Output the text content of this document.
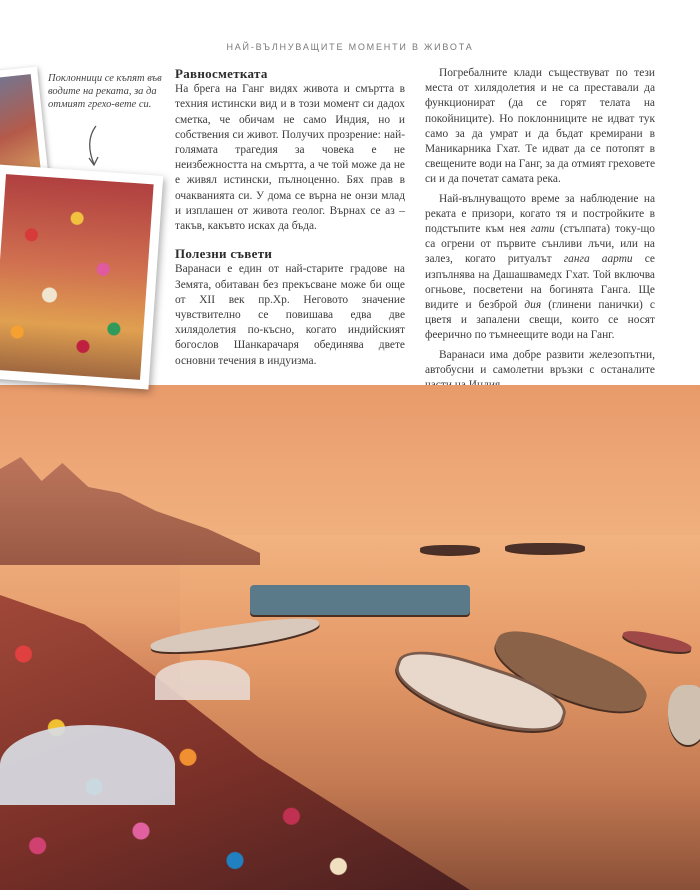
НАЙ-ВЪЛНУВАЩИТЕ МОМЕНТИ В ЖИВОТА
Поклонници се къпят във водите на реката, за да отмият грехо-вете си.
Равносметката

На брега на Ганг видях живота и смъртта в техния истински вид и в този момент си дадох сметка, че обичам не само Индия, но и собствения си живот. Получих прозрение: най-голямата трагедия за човека е не неизбежността на смъртта, а че той може да не е живял истински, пълноценно. Бях прав в очакванията си. У дома се върна не онзи млад и изплашен от живота геолог. Върнах се аз – такъв, какъвто исках да бъда.

Полезни съвети

Варанаси е един от най-старите градове на Земята, обитаван без прекъсване може би още от XII век пр.Хр. Неговото значение чувствително се повишава едва две хилядолетия по-късно, когато индийският богослов Шанкарачаря обединява двете основни течения в индуизма.

Погребалните клади съществуват по тези места от хилядолетия и не са преставали да функционират (да се горят телата на покойниците). Но поклонниците не идват тук само за да умрат и да бъдат кремирани в Маникарника Гхат. Те идват да се потопят в свещените води на Ганг, за да отмият греховете си и да почетат самата река.

Най-вълнуващото време за наблюдение на реката е призори, когато тя и постройките в подстъпите към нея гати (стълпата) току-що са огрени от първите сънливи лъчи, или на залез, когато ритуалът ганга аарти се изпълнява на Дашашвамедх Гхат. Той включва огньове, посветени на богинята Ганга. Ще видите и безброй дия (глинени панички) с цветя и запалени свещи, които се носят феерично по тъмнеещите води на Ганг.

Варанаси има добре развити железопътни, автобусни и самолетни връзки с останалите
